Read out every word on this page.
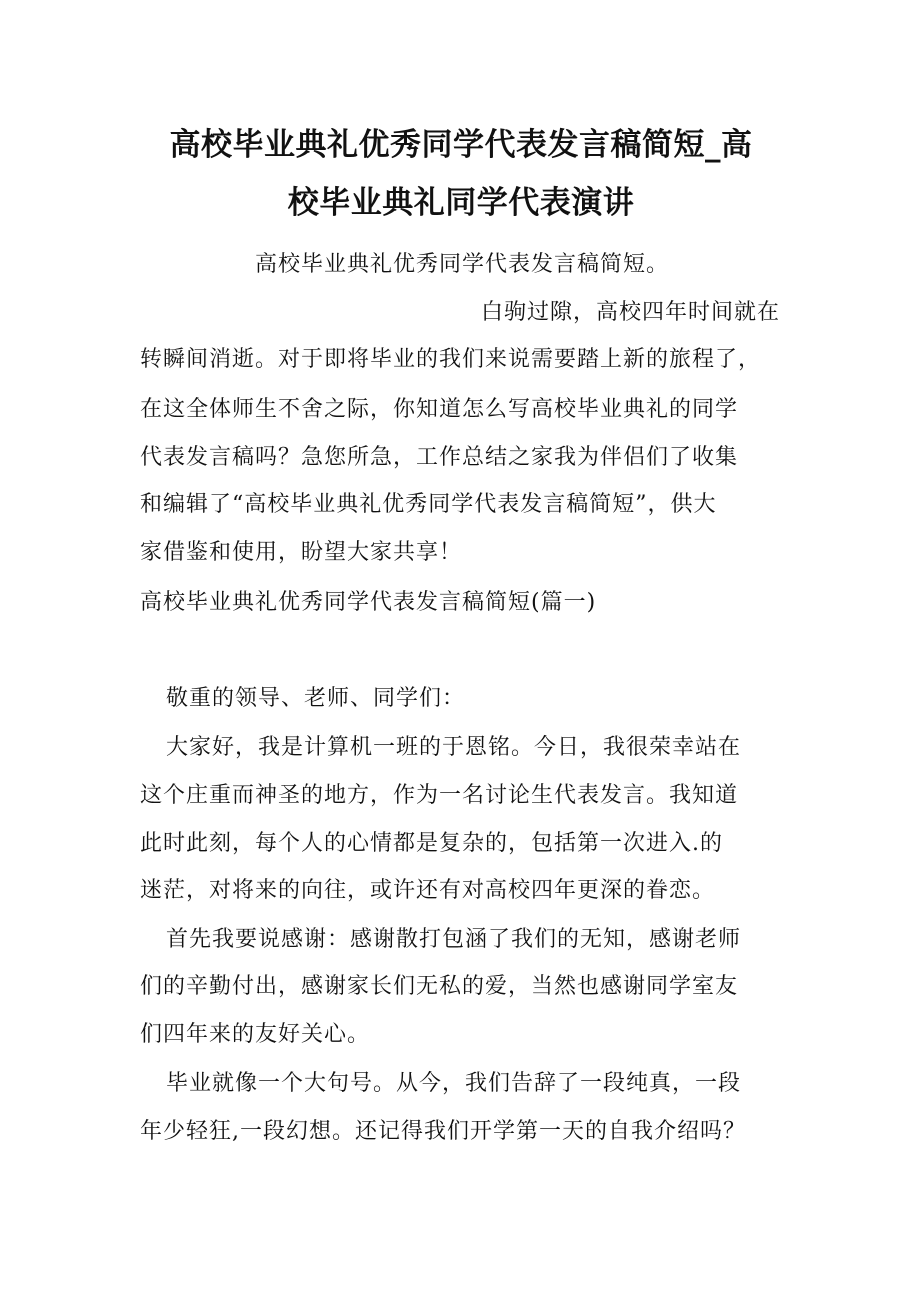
高校毕业典礼优秀同学代表发言稿简短_高
校毕业典礼同学代表演讲
高校毕业典礼优秀同学代表发言稿简短。
白驹过隙，高校四年时间就在
转瞬间消逝。对于即将毕业的我们来说需要踏上新的旅程了，
在这全体师生不舍之际，你知道怎么写高校毕业典礼的同学
代表发言稿吗？急您所急，工作总结之家我为伴侣们了收集
和编辑了“高校毕业典礼优秀同学代表发言稿简短”，供大
家借鉴和使用，盼望大家共享！
高校毕业典礼优秀同学代表发言稿简短(篇一)
敬重的领导、老师、同学们：
大家好，我是计算机一班的于恩铭。今日，我很荣幸站在
这个庄重而神圣的地方，作为一名讨论生代表发言。我知道
此时此刻，每个人的心情都是复杂的，包括第一次进入.的
迷茫，对将来的向往，或许还有对高校四年更深的眷恋。
首先我要说感谢：感谢散打包涵了我们的无知，感谢老师
们的辛勤付出，感谢家长们无私的爱，当然也感谢同学室友
们四年来的友好关心。
毕业就像一个大句号。从今，我们告辞了一段纯真，一段
年少轻狂,一段幻想。还记得我们开学第一天的自我介绍吗？
